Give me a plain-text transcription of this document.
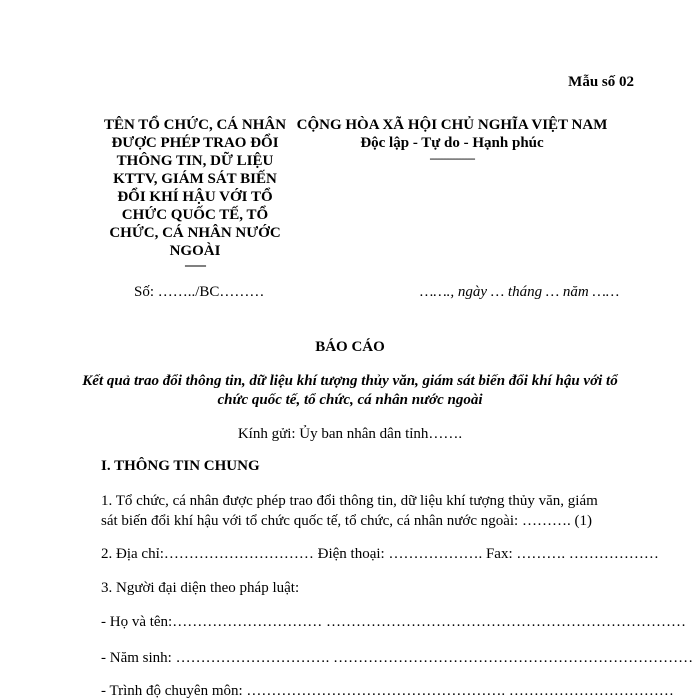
Mẫu số 02
TÊN TỔ CHỨC, CÁ NHÂN ĐƯỢC PHÉP TRAO ĐỔI THÔNG TIN, DỮ LIỆU KTTV, GIÁM SÁT BIẾN ĐỔI KHÍ HẬU VỚI TỔ CHỨC QUỐC TẾ, TỔ CHỨC, CÁ NHÂN NƯỚC NGOÀI
-------
CỘNG HÒA XÃ HỘI CHỦ NGHĨA VIỆT NAM
Độc lập - Tự do - Hạnh phúc
---------------
Số: ……../BC………	……., ngày … tháng … năm ……
BÁO CÁO
Kết quả trao đổi thông tin, dữ liệu khí tượng thủy văn, giám sát biến đổi khí hậu với tổ chức quốc tế, tổ chức, cá nhân nước ngoài
Kính gửi: Ủy ban nhân dân tỉnh…….
I. THÔNG TIN CHUNG
1. Tổ chức, cá nhân được phép trao đổi thông tin, dữ liệu khí tượng thủy văn, giám sát biến đổi khí hậu với tổ chức quốc tế, tổ chức, cá nhân nước ngoài: ………. (1)
2. Địa chỉ:………………………… Điện thoại: ………………. Fax: ………. ………………
3. Người đại diện theo pháp luật:
- Họ và tên:………………………… ………………………………………………………………
- Năm sinh: …………………………. ………………………………………………………………
- Trình độ chuyên môn: ……………………………………………. ……………………………
